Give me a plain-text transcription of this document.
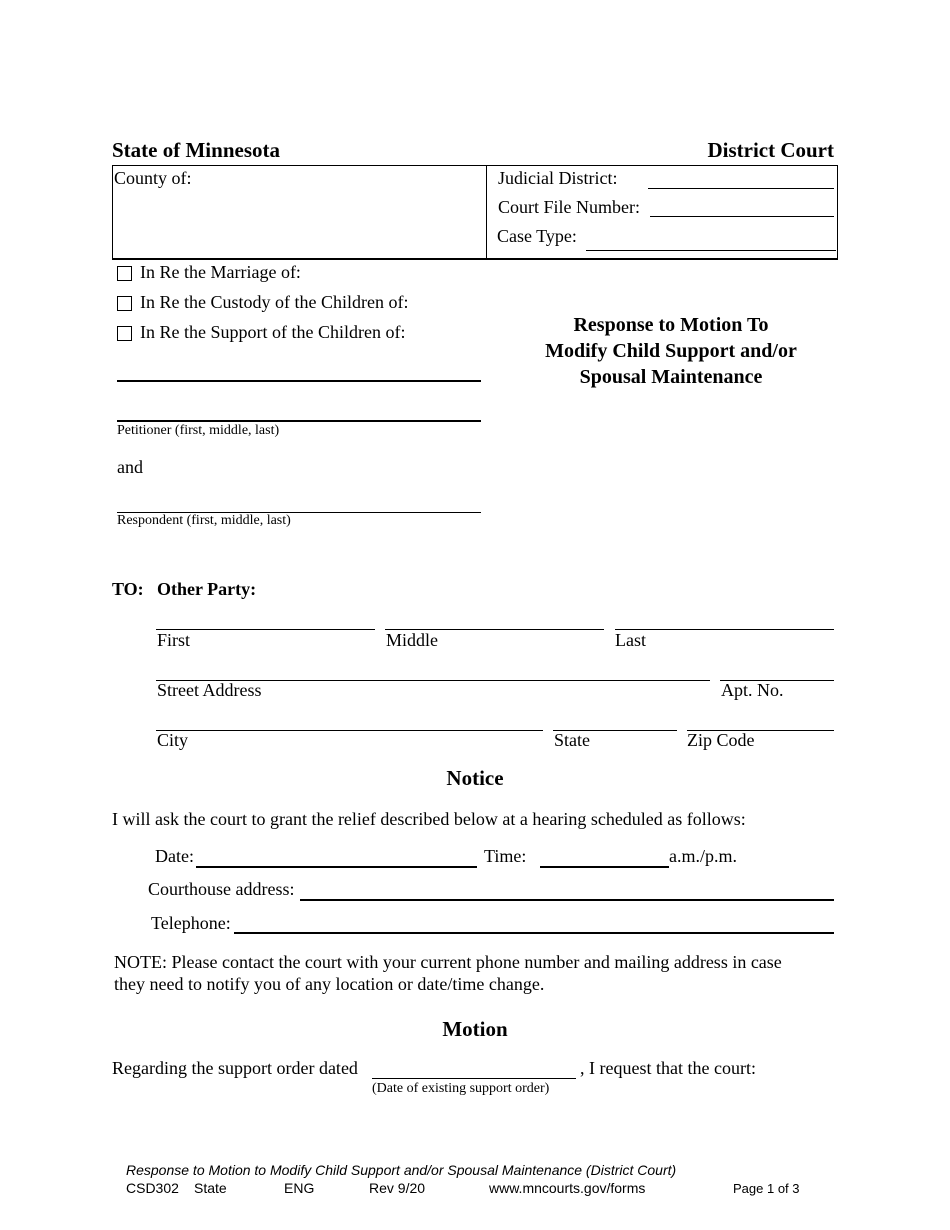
State of Minnesota	District Court
County of:	Judicial District:
Court File Number:
Case Type:
In Re the Marriage of:
In Re the Custody of the Children of:
In Re the Support of the Children of:
Petitioner (first, middle, last)
and
Respondent (first, middle, last)
Response to Motion To
Modify Child Support and/or
Spousal Maintenance
TO: Other Party:
First	Middle	Last
Street Address	Apt. No.
City	State	Zip Code
Notice
I will ask the court to grant the relief described below at a hearing scheduled as follows:
Date:	Time:	a.m./p.m.
Courthouse address:
Telephone:
NOTE: Please contact the court with your current phone number and mailing address in case
they need to notify you of any location or date/time change.
Motion
Regarding the support order dated	, I request that the court:
(Date of existing support order)
Response to Motion to Modify Child Support and/or Spousal Maintenance (District Court)
CSD302 State	ENG	Rev 9/20	www.mncourts.gov/forms	Page 1 of 3
